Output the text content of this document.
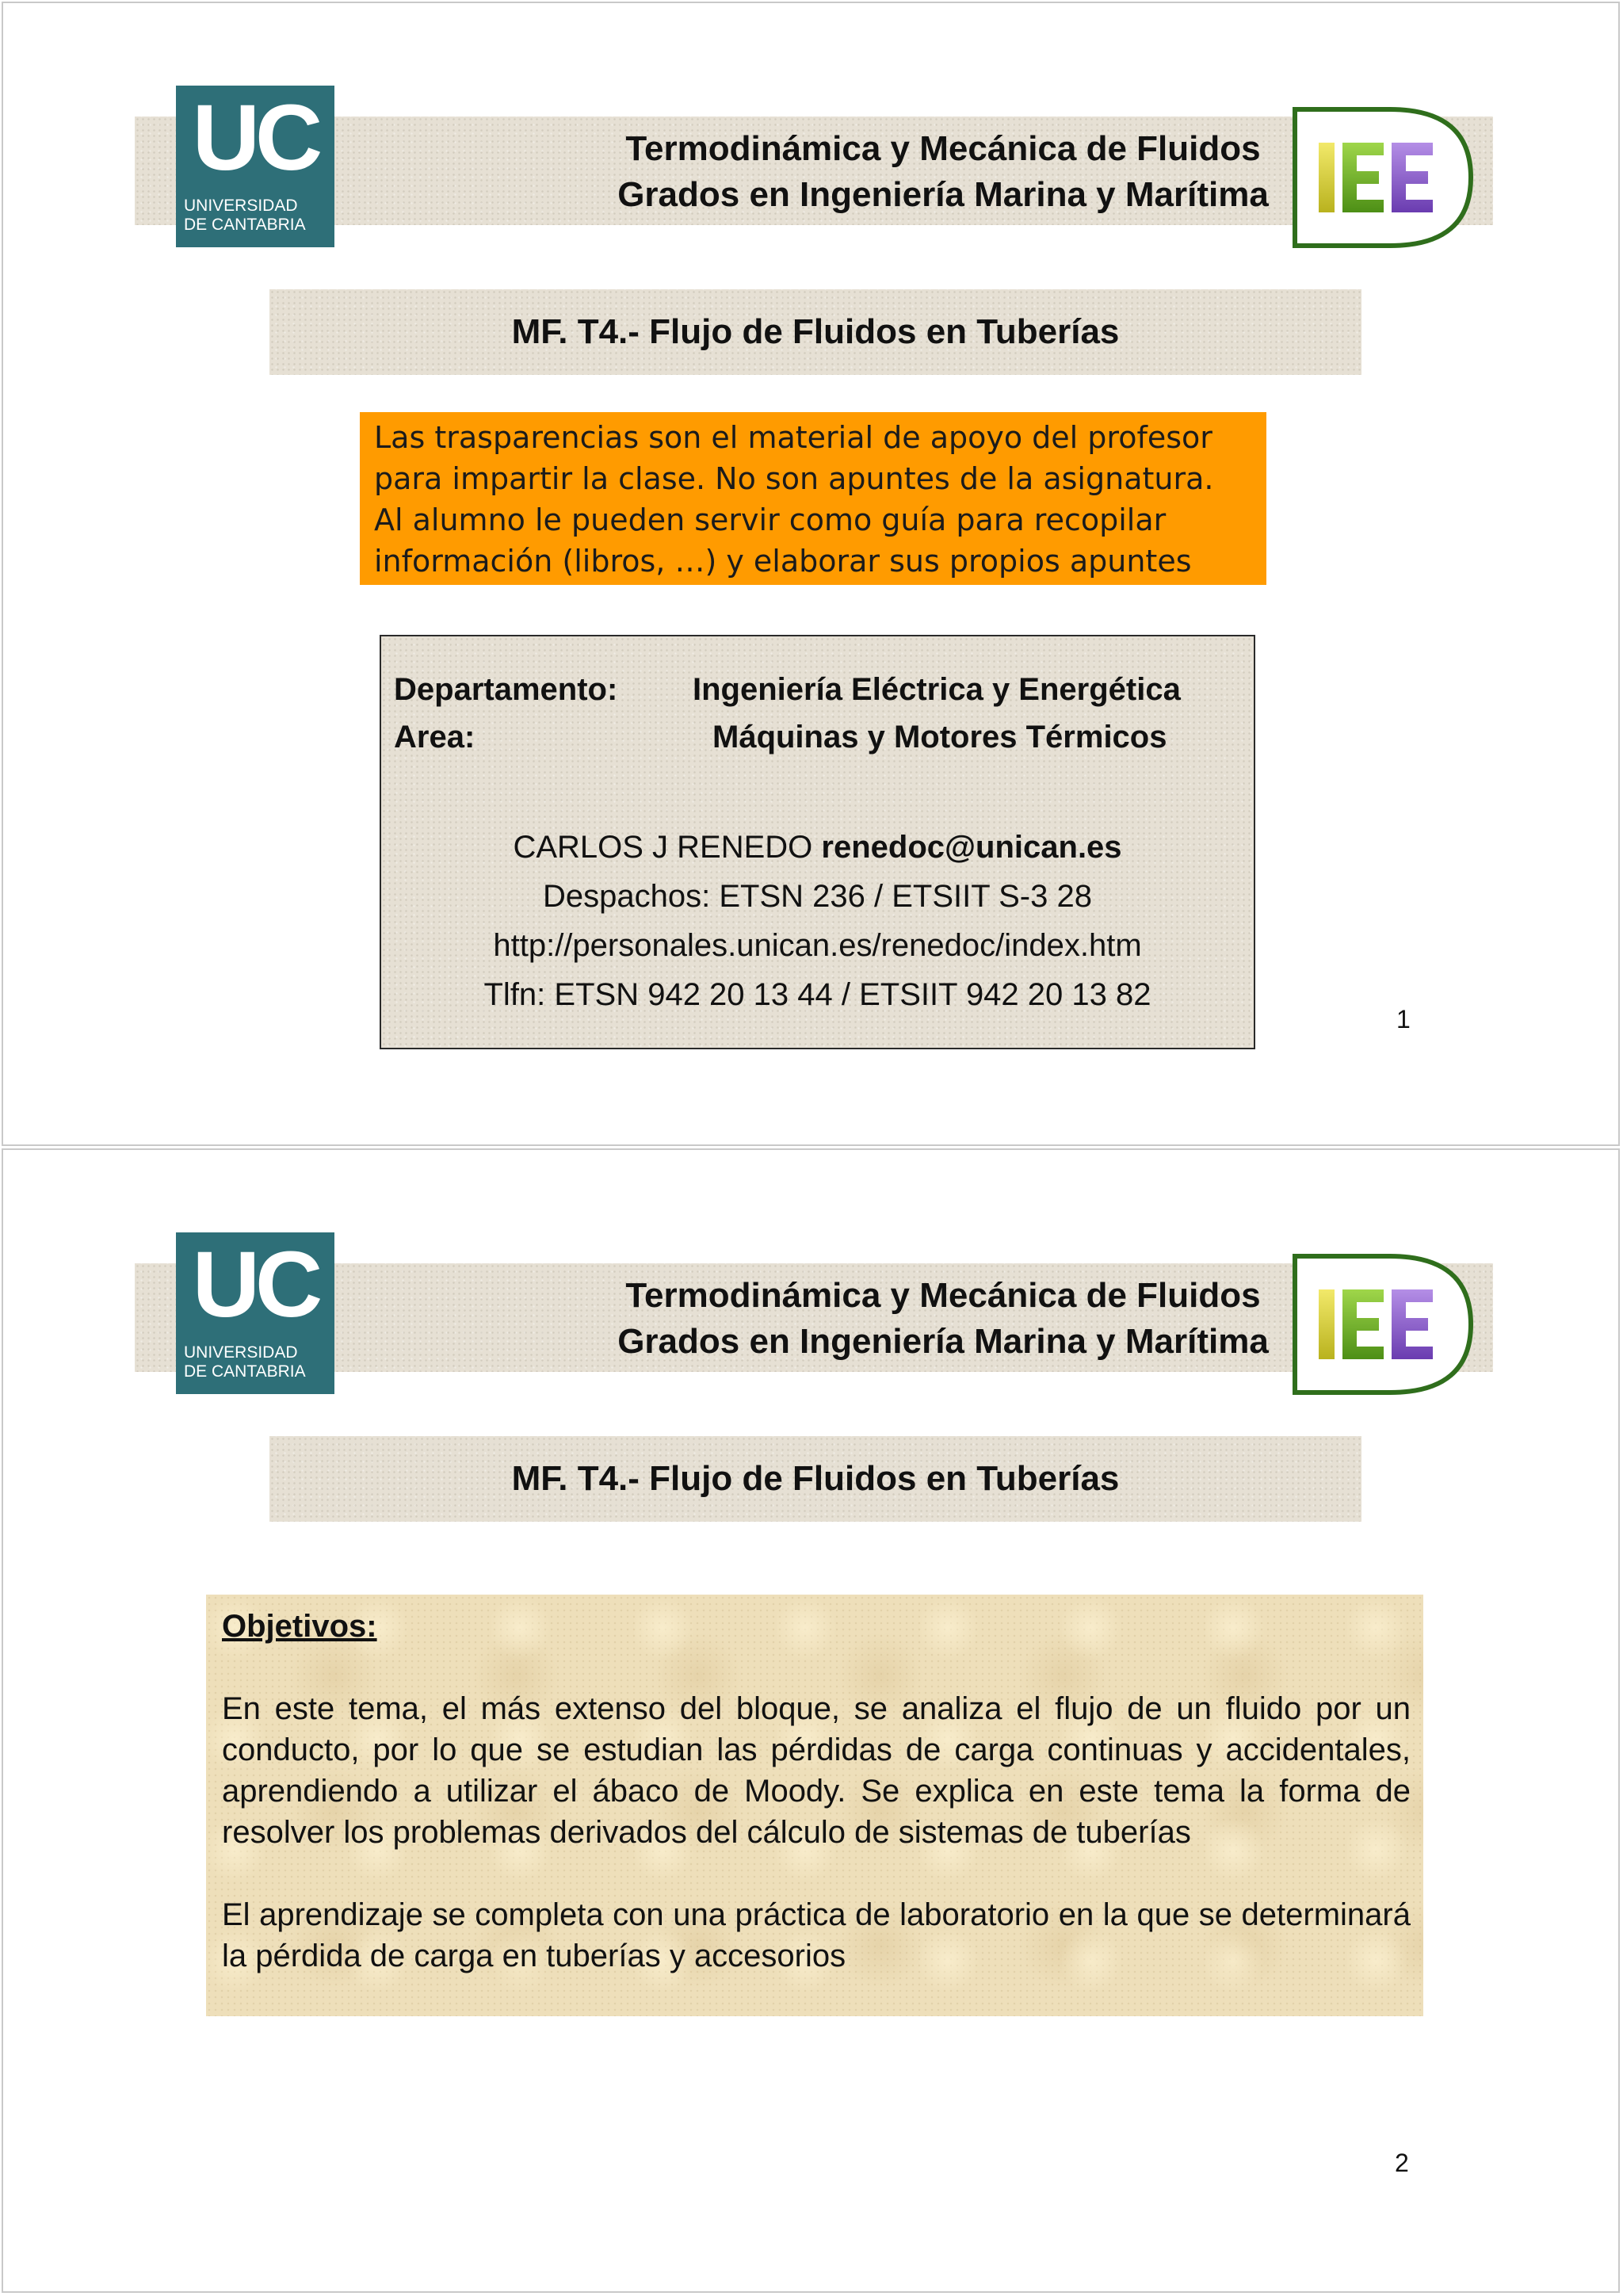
Termodinámica y Mecánica de Fluidos
Grados en Ingeniería Marina y Marítima
UC
UNIVERSIDAD
DE CANTABRIA
MF. T4.- Flujo de Fluidos en Tuberías
Las trasparencias son el material de apoyo del profesor
para impartir la clase. No son apuntes de la asignatura.
Al alumno le pueden servir como guía para recopilar
información (libros, …) y elaborar sus propios apuntes
Departamento: Ingeniería Eléctrica y Energética
Area:	Máquinas y Motores Térmicos
CARLOS J RENEDO renedoc@unican.es
Despachos: ETSN 236 / ETSIIT S-3 28
http://personales.unican.es/renedoc/index.htm
Tlfn: ETSN 942 20 13 44 / ETSIIT 942 20 13 82
1
Termodinámica y Mecánica de Fluidos
Grados en Ingeniería Marina y Marítima
UC
UNIVERSIDAD
DE CANTABRIA
MF. T4.- Flujo de Fluidos en Tuberías

Objetivos:

En este tema, el más extenso del bloque, se analiza el flujo de un fluido por un conducto, por lo que se estudian las pérdidas de carga continuas y accidentales, aprendiendo a utilizar el ábaco de Moody. Se explica en este tema la forma de resolver los problemas derivados del cálculo de sistemas de tuberías

El aprendizaje se completa con una práctica de laboratorio en la que se determinará la pérdida de carga en tuberías y accesorios

2
